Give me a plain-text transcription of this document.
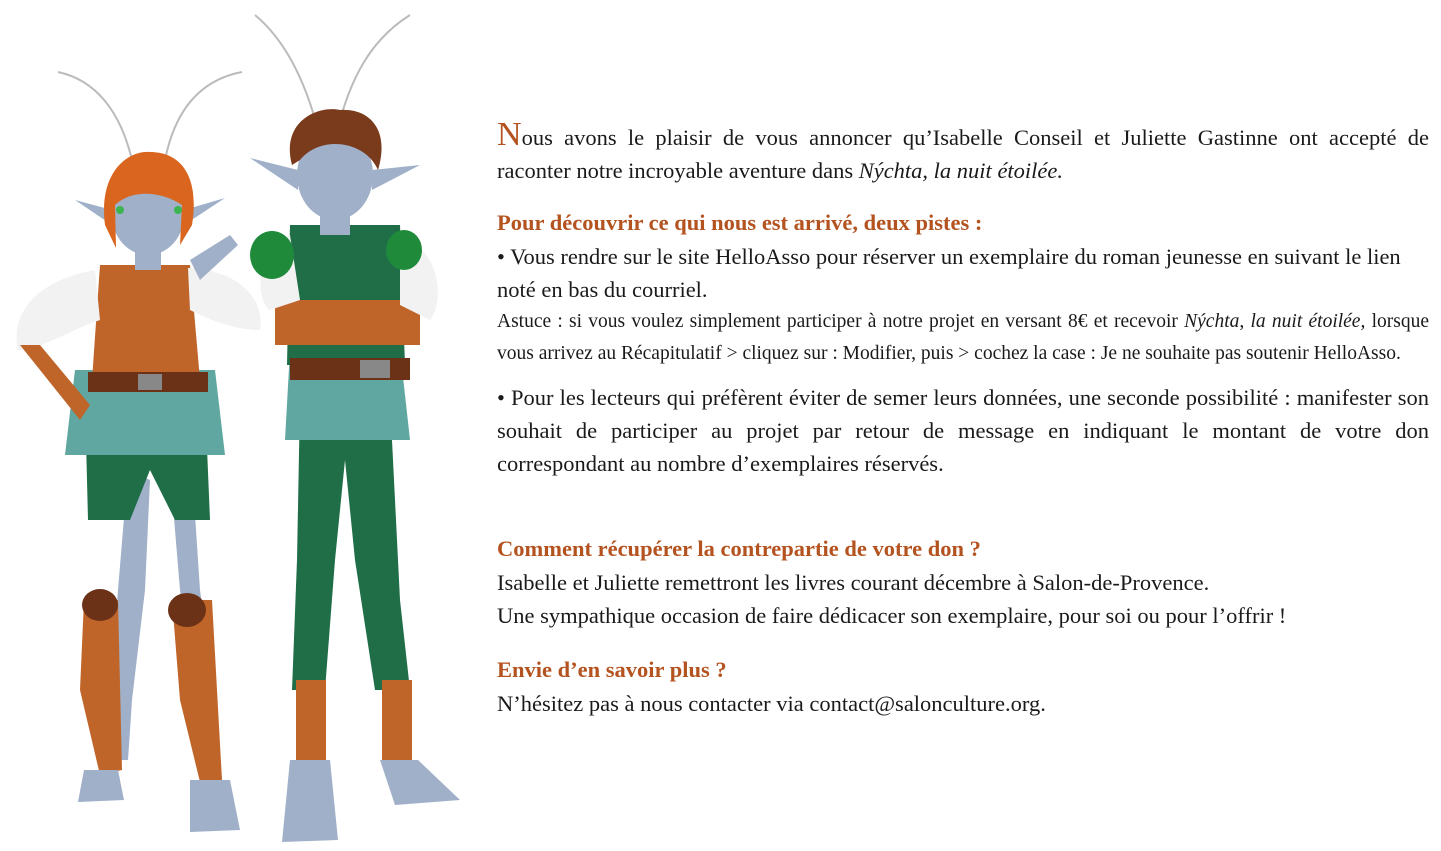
Nous avons le plaisir de vous annoncer qu’Isabelle Conseil et Juliette Gastinne ont accepté de raconter notre incroyable aventure dans Nýchta, la nuit étoilée.

Pour découvrir ce qui nous est arrivé, deux pistes :

• Vous rendre sur le site HelloAsso pour réserver un exemplaire du roman jeunesse en suivant le lien noté en bas du courriel.

Astuce : si vous voulez simplement participer à notre projet en versant 8€ et recevoir Nýchta, la nuit étoilée, lorsque vous arrivez au Récapitulatif > cliquez sur : Modifier, puis > cochez la case : Je ne souhaite pas soutenir HelloAsso.

• Pour les lecteurs qui préfèrent éviter de semer leurs données, une seconde possibilité : manifester son souhait de participer au projet par retour de message en indiquant le montant de votre don correspondant au nombre d’exemplaires réservés.

Comment récupérer la contrepartie de votre don ?

Isabelle et Juliette remettront les livres courant décembre à Salon-de-Provence.

Une sympathique occasion de faire dédicacer son exemplaire, pour soi ou pour l’offrir !

Envie d’en savoir plus ?

N’hésitez pas à nous contacter via contact@salonculture.org.
